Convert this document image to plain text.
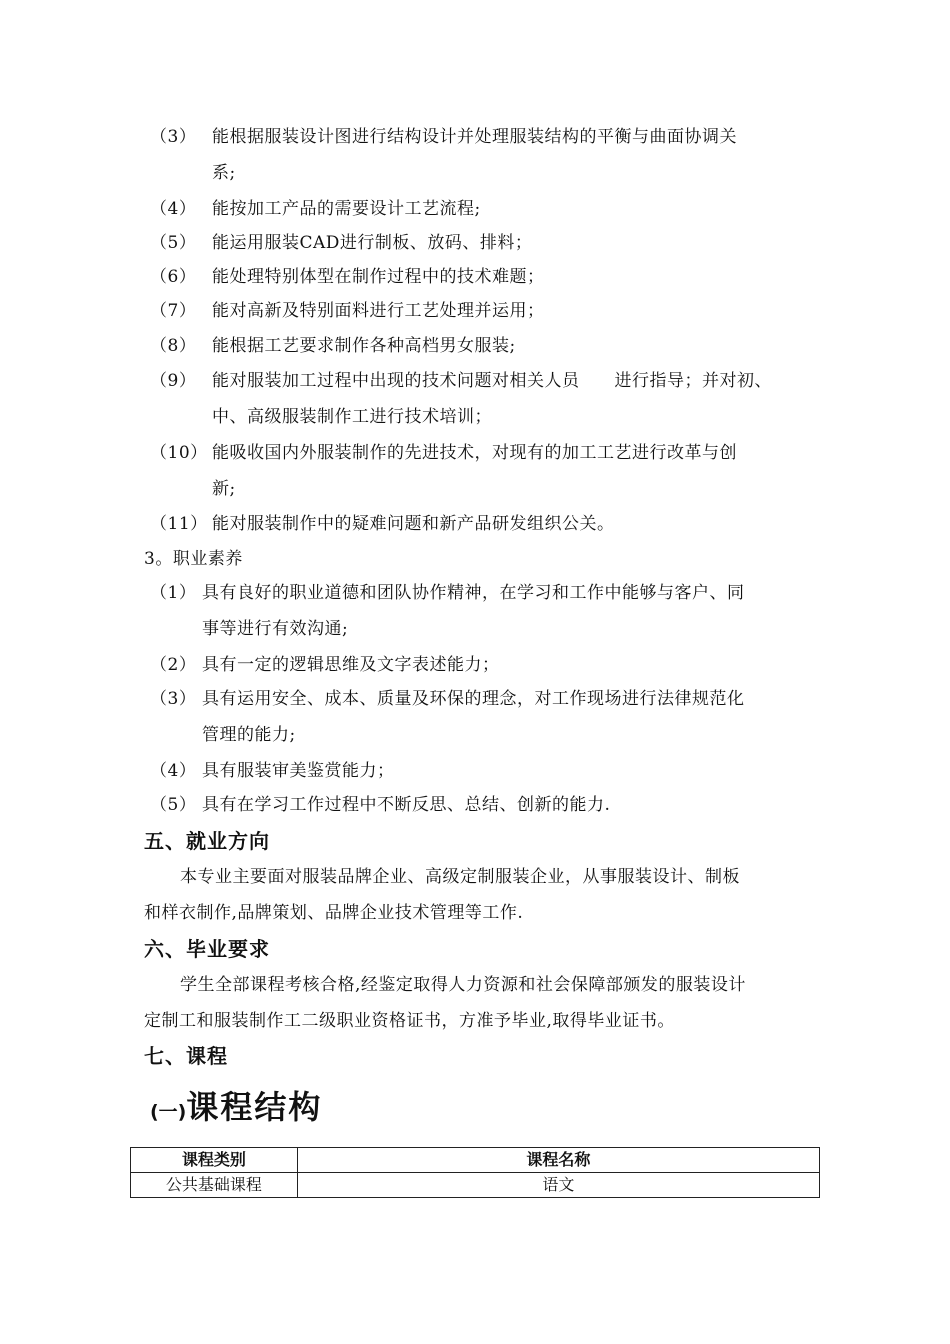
（3） 能根据服装设计图进行结构设计并处理服装结构的平衡与曲面协调关
系;
（4） 能按加工产品的需要设计工艺流程;
（5） 能运用服装CAD进行制板、放码、排料；
（6） 能处理特别体型在制作过程中的技术难题；
（7） 能对高新及特别面料进行工艺处理并运用；
（8） 能根据工艺要求制作各种高档男女服装;
（9） 能对服装加工过程中出现的技术问题对相关人员　　进行指导；并对初、
中、高级服装制作工进行技术培训；
（10） 能吸收国内外服装制作的先进技术，对现有的加工工艺进行改革与创
新;
（11） 能对服装制作中的疑难问题和新产品研发组织公关。
3。职业素养
（1） 具有良好的职业道德和团队协作精神，在学习和工作中能够与客户、同
事等进行有效沟通;
（2） 具有一定的逻辑思维及文字表述能力；
（3） 具有运用安全、成本、质量及环保的理念，对工作现场进行法律规范化
管理的能力;
（4） 具有服装审美鉴赏能力；
（5） 具有在学习工作过程中不断反思、总结、创新的能力.
五、就业方向
本专业主要面对服装品牌企业、高级定制服装企业，从事服装设计、制板
和样衣制作,品牌策划、品牌企业技术管理等工作.
六、毕业要求
学生全部课程考核合格,经鉴定取得人力资源和社会保障部颁发的服装设计
定制工和服装制作工二级职业资格证书，方准予毕业,取得毕业证书。
七、课程
(一)课程结构
课程类别	课程名称
公共基础课程	语文
